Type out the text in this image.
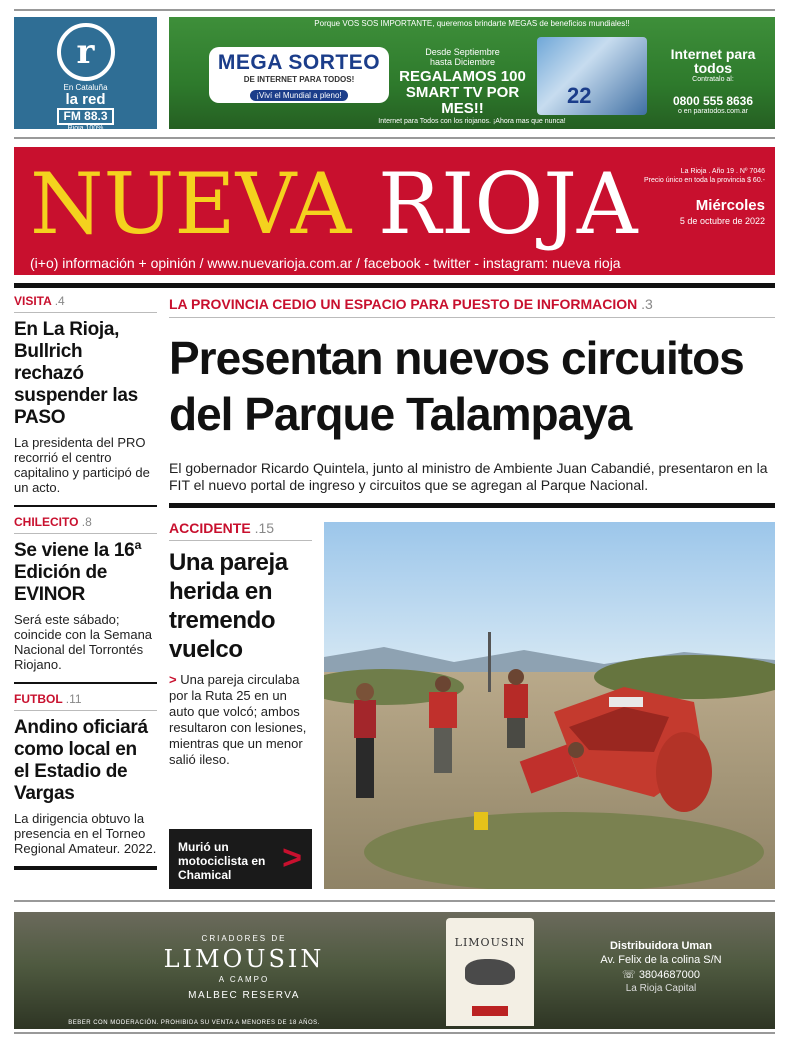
r
En Cataluña
la red
FM 88.3
Rioja 100%
Porque VOS SOS IMPORTANTE, queremos brindarte MEGAS de beneficios mundiales!!
MEGA SORTEO
DE INTERNET PARA TODOS!
¡Viví el Mundial a pleno!
Desde Septiembre
hasta Diciembre
REGALAMOS 100 SMART TV POR MES!!
22
Internet para todos
Contratalo al:
0800 555 8636
o en paratodos.com.ar
Internet para Todos con los riojanos. ¡Ahora mas que nunca!
NUEVA RIOJA	La Rioja . Año 19 . Nº 7046
Precio único en toda la provincia $ 60.-
Miércoles
5 de octubre de 2022
(i+o) información + opinión / www.nuevarioja.com.ar / facebook - twitter - instagram: nueva rioja
VISITA .4
En La Rioja, Bullrich rechazó suspender las PASO
La presidenta del PRO recorrió el centro capitalino y participó de un acto.
CHILECITO .8
Se viene la 16ª Edición de EVINOR
Será este sábado; coincide con la Semana Nacional del Torrontés Riojano.
FUTBOL .11
Andino oficiará como local en el Estadio de Vargas
La dirigencia obtuvo la presencia en el Torneo Regional Amateur. 2022.
LA PROVINCIA CEDIO UN ESPACIO PARA PUESTO DE INFORMACION .3
Presentan nuevos circuitos del Parque Talampaya
El gobernador Ricardo Quintela, junto al ministro de Ambiente Juan Cabandié, presentaron en la FIT el nuevo portal de ingreso y circuitos que se agregan al Parque Nacional.
ACCIDENTE .15
Una pareja herida en tremendo vuelco
> Una pareja circulaba por la Ruta 25 en un auto que volcó; ambos resultaron con lesiones, mientras que un menor salió ileso.
Murió un motociclista en Chamical	>
CRIADORES DE
LIMOUSIN
A CAMPO
MALBEC RESERVA
LIMOUSIN	Distribuidora Uman
Av. Felix de la colina S/N
☏ 3804687000
La Rioja Capital
BEBER CON MODERACIÓN. PROHIBIDA SU VENTA A MENORES DE 18 AÑOS.
